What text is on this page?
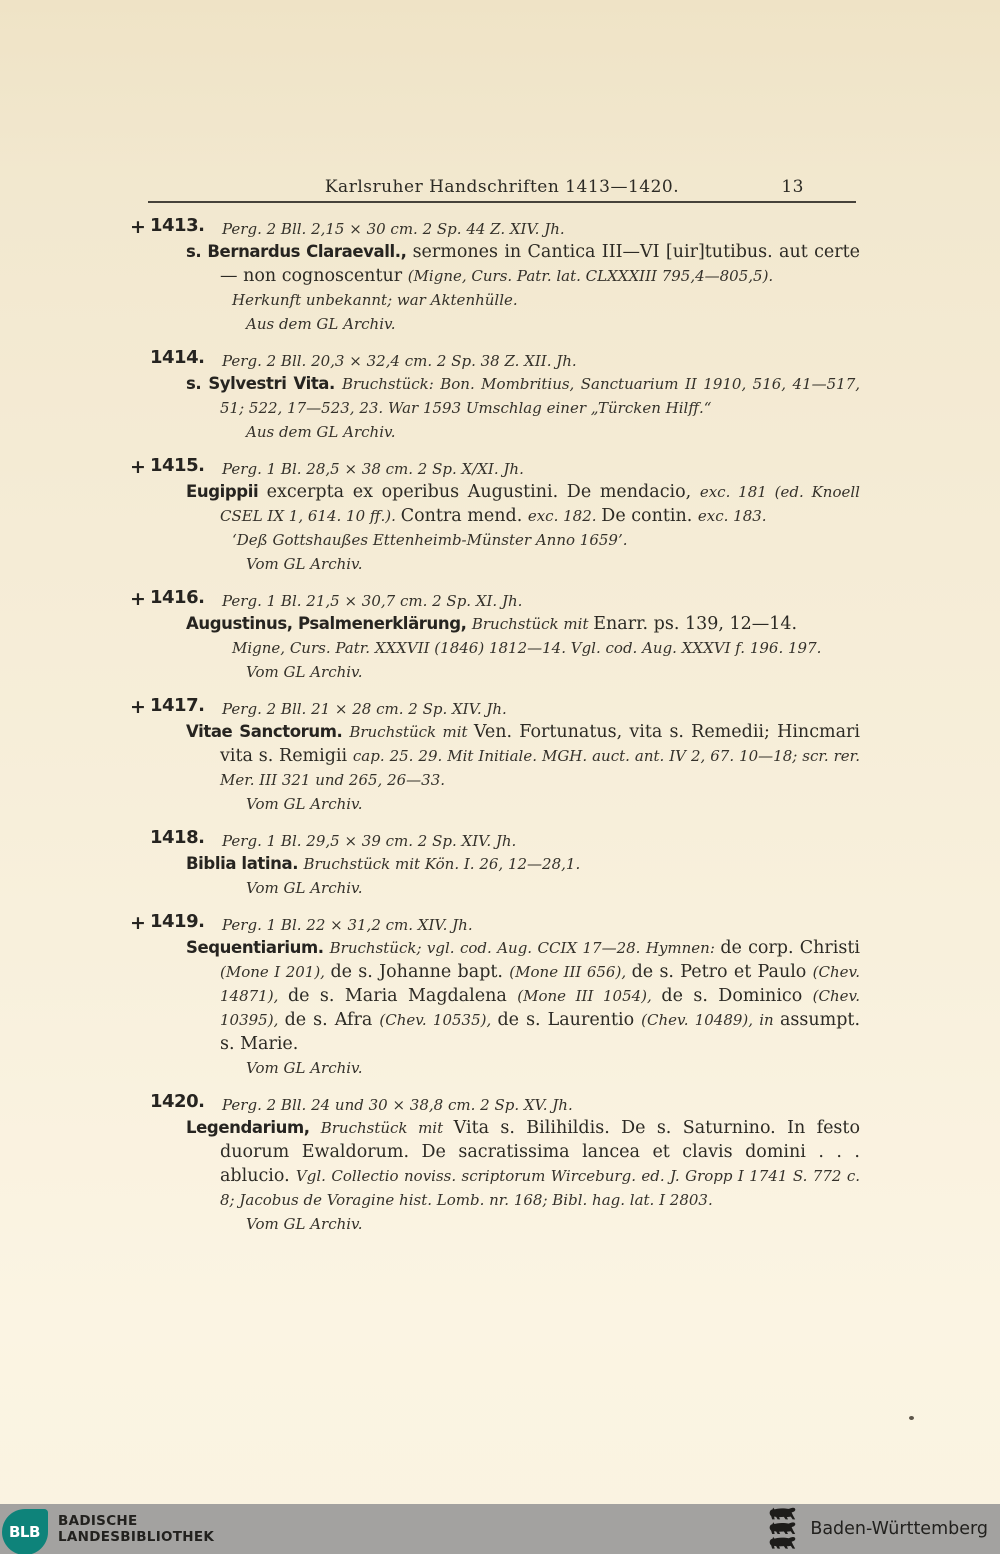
Karlsruher Handschriften 1413—1420.	13
+ 1413. Perg. 2 Bll. 2,15 × 30 cm. 2 Sp. 44 Z. XIV. Jh.

s. Bernardus Claraevall., sermones in Cantica III—VI [uir]tutibus. aut certe — non cognoscentur (Migne, Curs. Patr. lat. CLXXXIII 795,4—805,5).

Herkunft unbekannt; war Aktenhülle.

Aus dem GL Archiv.

1414. Perg. 2 Bll. 20,3 × 32,4 cm. 2 Sp. 38 Z. XII. Jh.

s. Sylvestri Vita. Bruchstück: Bon. Mombritius, Sanctuarium II 1910, 516, 41—517, 51; 522, 17—523, 23. War 1593 Umschlag einer „Türcken Hilff.“

Aus dem GL Archiv.

+ 1415. Perg. 1 Bl. 28,5 × 38 cm. 2 Sp. X/XI. Jh.

Eugippii excerpta ex operibus Augustini. De mendacio, exc. 181 (ed. Knoell CSEL IX 1, 614. 10 ff.). Contra mend. exc. 182. De contin. exc. 183.

‘Deß Gottshaußes Ettenheimb-Münster Anno 1659’.

Vom GL Archiv.

+ 1416. Perg. 1 Bl. 21,5 × 30,7 cm. 2 Sp. XI. Jh.

Augustinus, Psalmenerklärung, Bruchstück mit Enarr. ps. 139, 12—14.

Migne, Curs. Patr. XXXVII (1846) 1812—14. Vgl. cod. Aug. XXXVI f. 196. 197.

Vom GL Archiv.

+ 1417. Perg. 2 Bll. 21 × 28 cm. 2 Sp. XIV. Jh.

Vitae Sanctorum. Bruchstück mit Ven. Fortunatus, vita s. Remedii; Hincmari vita s. Remigii cap. 25. 29. Mit Initiale. MGH. auct. ant. IV 2, 67. 10—18; scr. rer. Mer. III 321 und 265, 26—33.

Vom GL Archiv.

1418. Perg. 1 Bl. 29,5 × 39 cm. 2 Sp. XIV. Jh.

Biblia latina. Bruchstück mit Kön. I. 26, 12—28,1.

Vom GL Archiv.

+ 1419. Perg. 1 Bl. 22 × 31,2 cm. XIV. Jh.

Sequentiarium. Bruchstück; vgl. cod. Aug. CCIX 17—28. Hymnen: de corp. Christi (Mone I 201), de s. Johanne bapt. (Mone III 656), de s. Petro et Paulo (Chev. 14871), de s. Maria Magdalena (Mone III 1054), de s. Dominico (Chev. 10395), de s. Afra (Chev. 10535), de s. Laurentio (Chev. 10489), in assumpt. s. Marie.

Vom GL Archiv.

1420. Perg. 2 Bll. 24 und 30 × 38,8 cm. 2 Sp. XV. Jh.

Legendarium, Bruchstück mit Vita s. Bilihildis. De s. Saturnino. In festo duorum Ewaldorum. De sacratissima lancea et clavis domini . . . ablucio. Vgl. Collectio noviss. scriptorum Wirceburg. ed. J. Gropp I 1741 S. 772 c. 8; Jacobus de Voragine hist. Lomb. nr. 168; Bibl. hag. lat. I 2803.

Vom GL Archiv.

BLB
BADISCHE
LANDESBIBLIOTHEK	Baden-Württemberg
